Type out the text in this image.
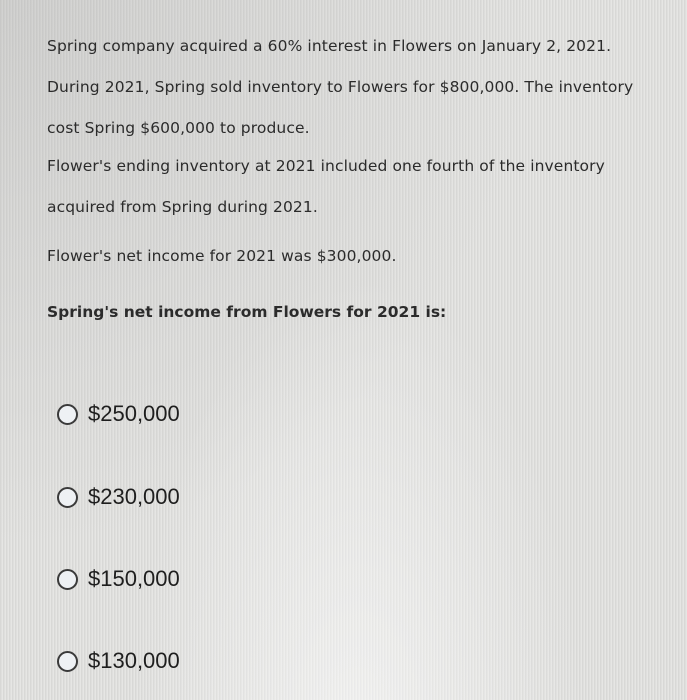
Spring company acquired a 60% interest in Flowers on January 2, 2021.
During 2021, Spring sold inventory to Flowers for $800,000. The inventory
cost Spring $600,000 to produce.

Flower's ending inventory at 2021 included one fourth of the inventory
acquired from Spring during 2021.

Flower's net income for 2021 was $300,000.

Spring's net income from Flowers for 2021 is:

$250,000
$230,000
$150,000
$130,000
